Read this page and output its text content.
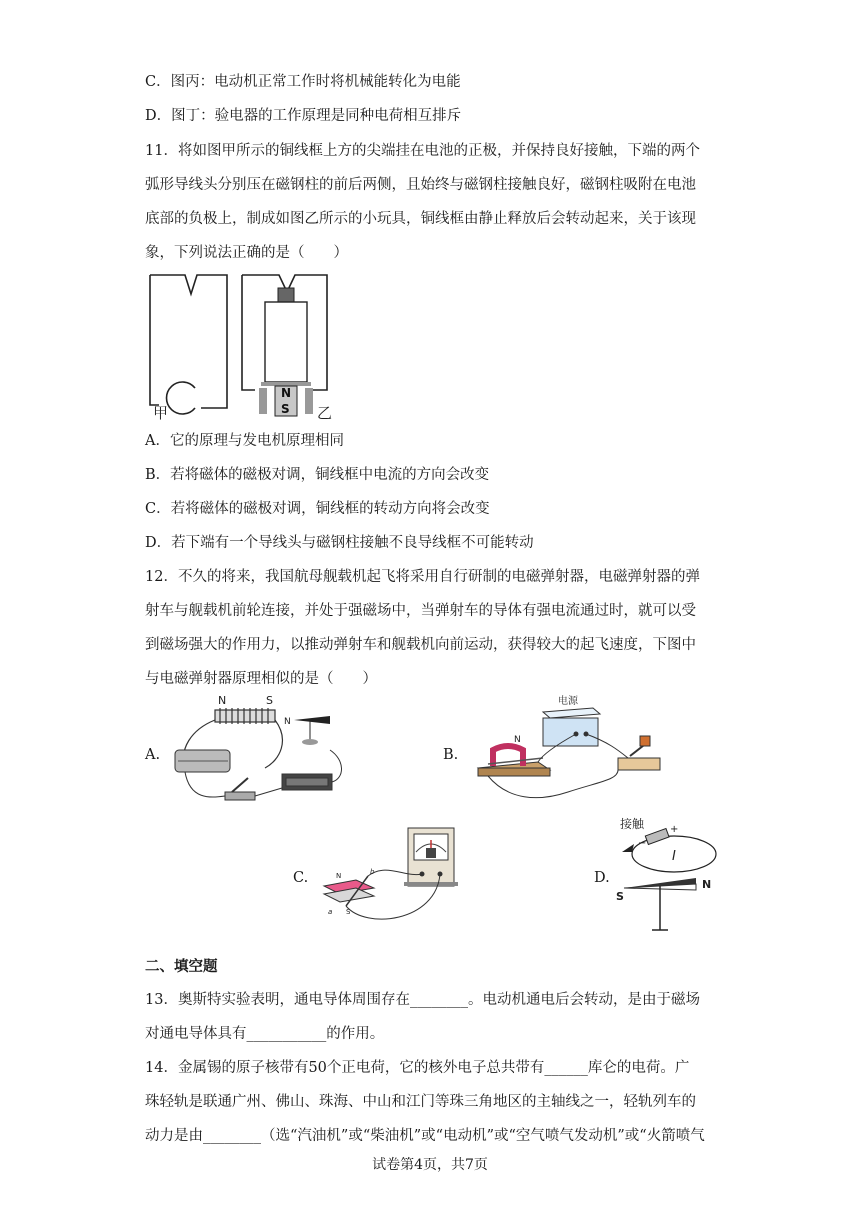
C．图丙：电动机正常工作时将机械能转化为电能
D．图丁：验电器的工作原理是同种电荷相互排斥
11．将如图甲所示的铜线框上方的尖端挂在电池的正极，并保持良好接触，下端的两个
弧形导线头分别压在磁钢柱的前后两侧，且始终与磁钢柱接触良好，磁钢柱吸附在电池
底部的负极上，制成如图乙所示的小玩具，铜线框由静止释放后会转动起来，关于该现
象，下列说法正确的是（　　）
甲
N
S 乙
A．它的原理与发电机原理相同
B．若将磁体的磁极对调，铜线框中电流的方向会改变
C．若将磁体的磁极对调，铜线框的转动方向将会改变
D．若下端有一个导线头与磁钢柱接触不良导线框不可能转动
12．不久的将来，我国航母舰载机起飞将采用自行研制的电磁弹射器，电磁弹射器的弹
射车与舰载机前轮连接，并处于强磁场中，当弹射车的导体有强电流通过时，就可以受
到磁场强大的作用力，以推动弹射车和舰载机向前运动，获得较大的起飞速度，下图中
与电磁弹射器原理相似的是（　　）
A.
N	S
N
B.
电源
N
C.	N
S
b
a
D.
接触
−
+
I
S
N
二、填空题
13．奥斯特实验表明，通电导体周围存在________。电动机通电后会转动，是由于磁场
对通电导体具有___________的作用。
14．金属锡的原子核带有50个正电荷，它的核外电子总共带有______库仑的电荷。广
珠轻轨是联通广州、佛山、珠海、中山和江门等珠三角地区的主轴线之一，轻轨列车的
动力是由________（选“汽油机”或“柴油机”或“电动机”或“空气喷气发动机”或“火箭喷气
试卷第4页，共7页
